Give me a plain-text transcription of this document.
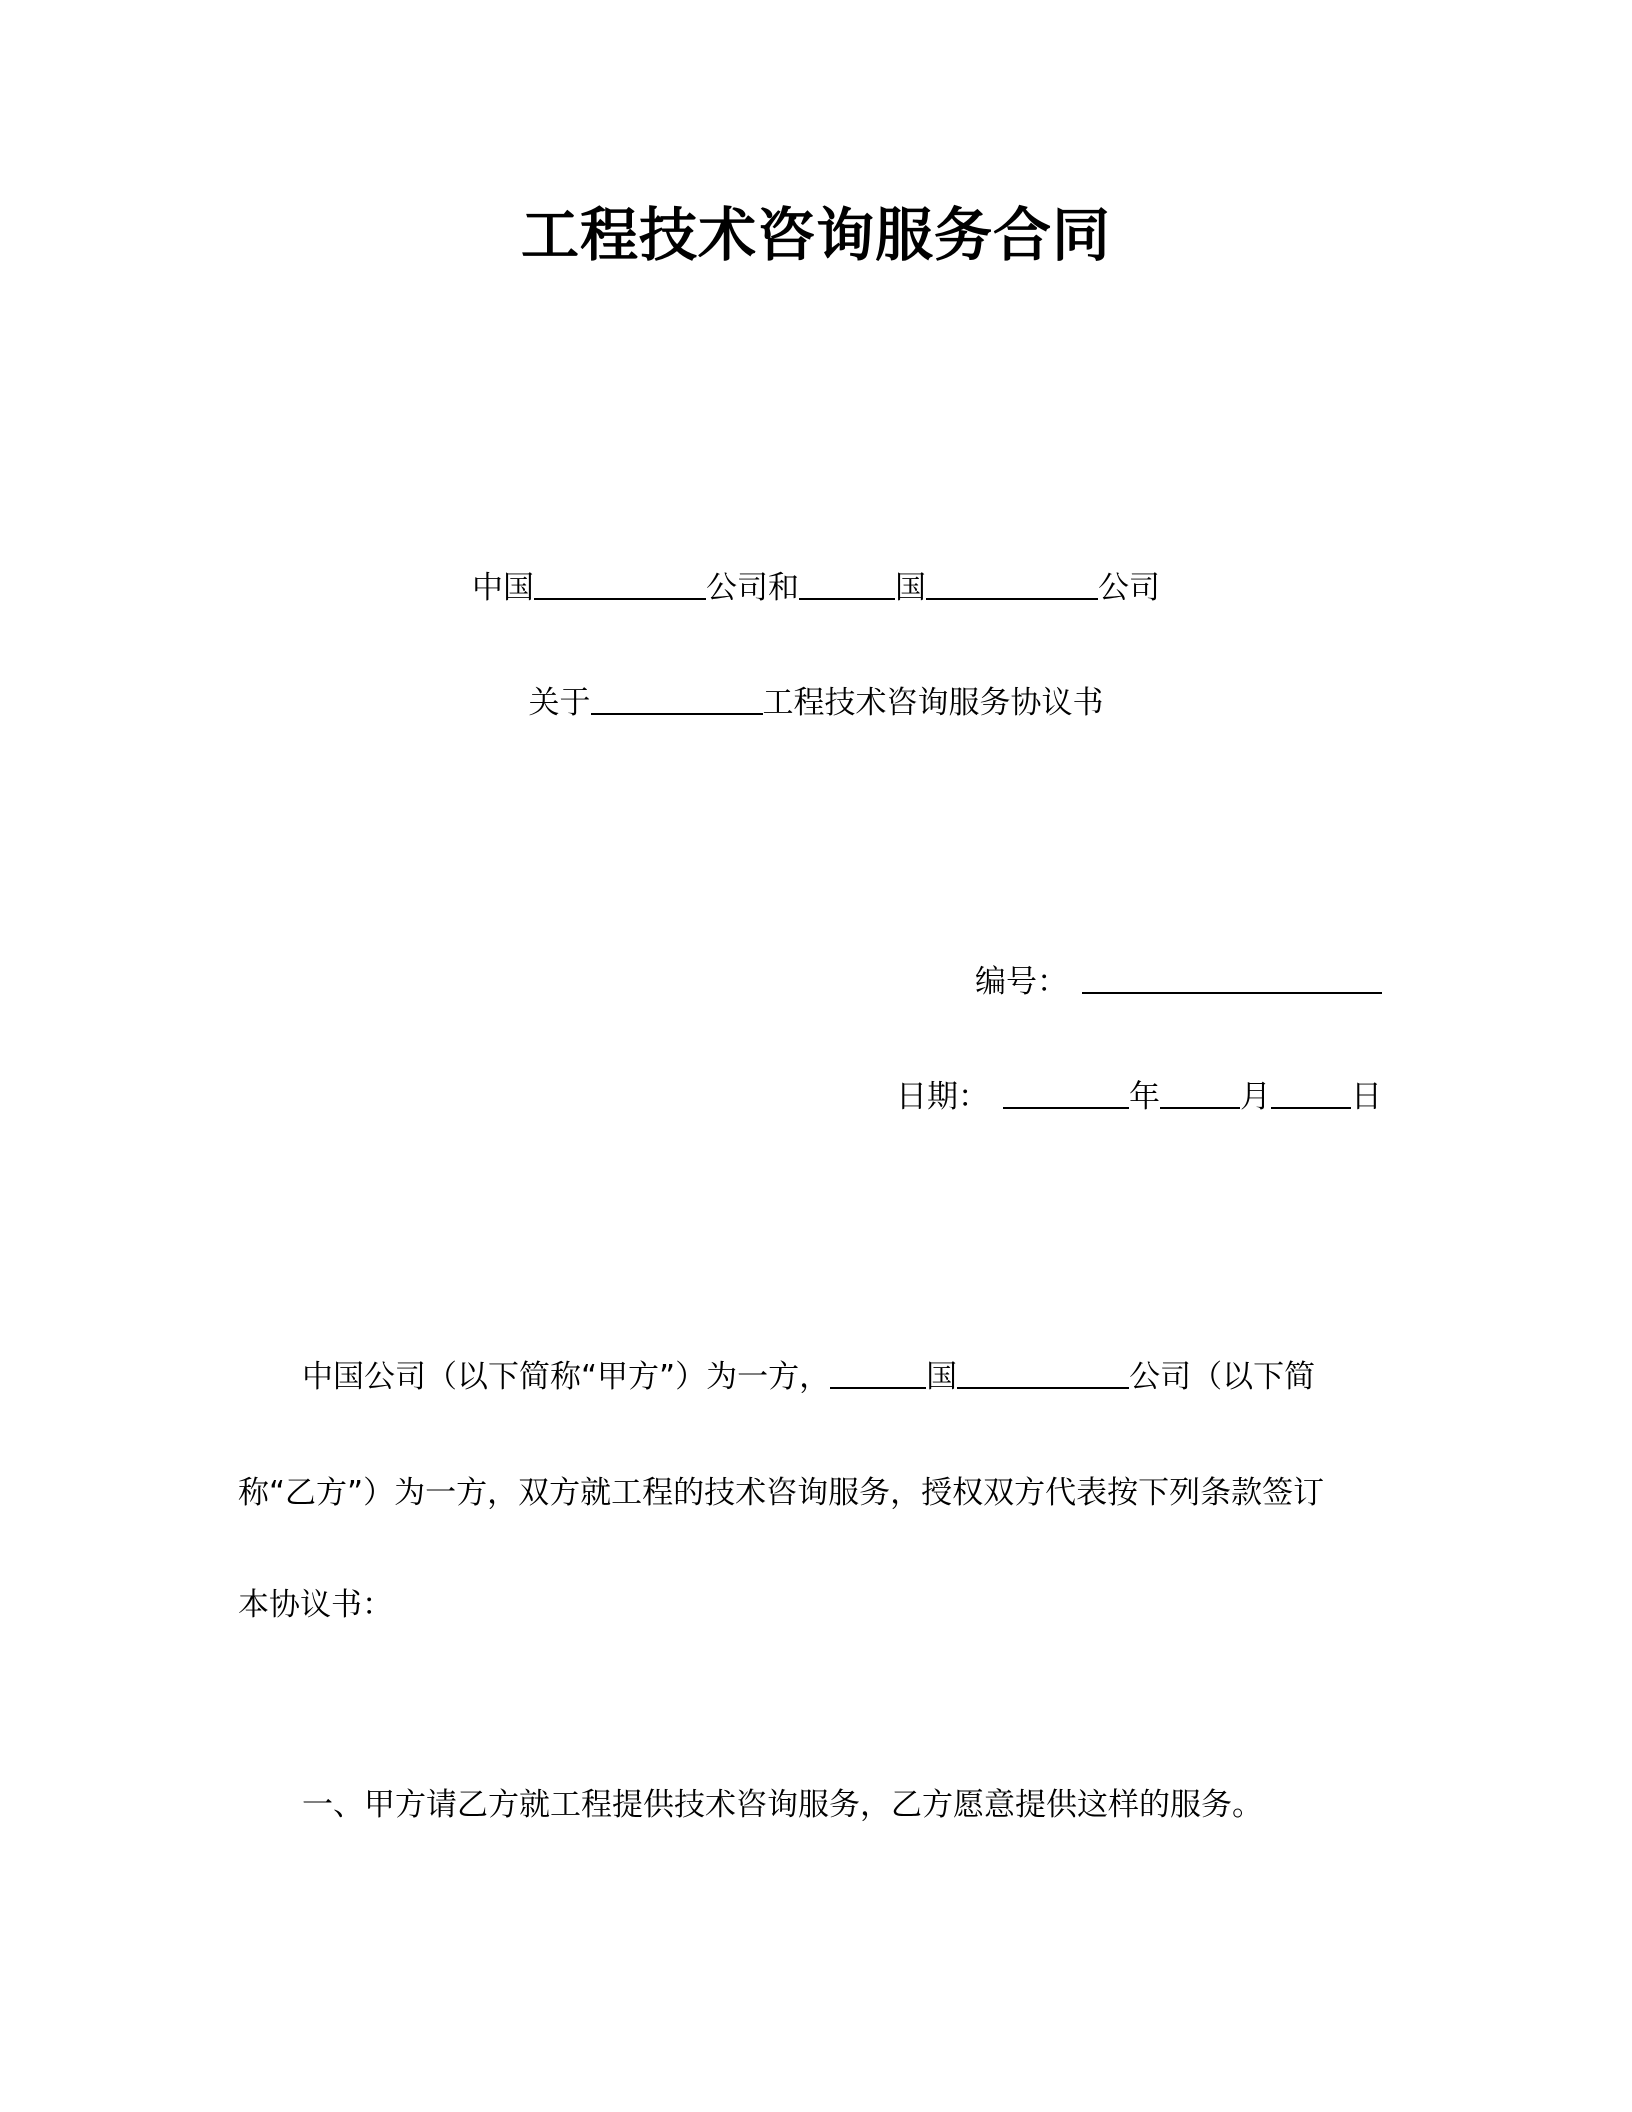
工程技术咨询服务合同
中国	公司和	国	公司
关于	工程技术咨询服务协议书
编号：
日期：	年	月	日
中国公司（以下简称“甲方”）为一方，	国	公司（以下简
称“乙方”）为一方，双方就工程的技术咨询服务，授权双方代表按下列条款签订
本协议书：
一、甲方请乙方就工程提供技术咨询服务，乙方愿意提供这样的服务。
